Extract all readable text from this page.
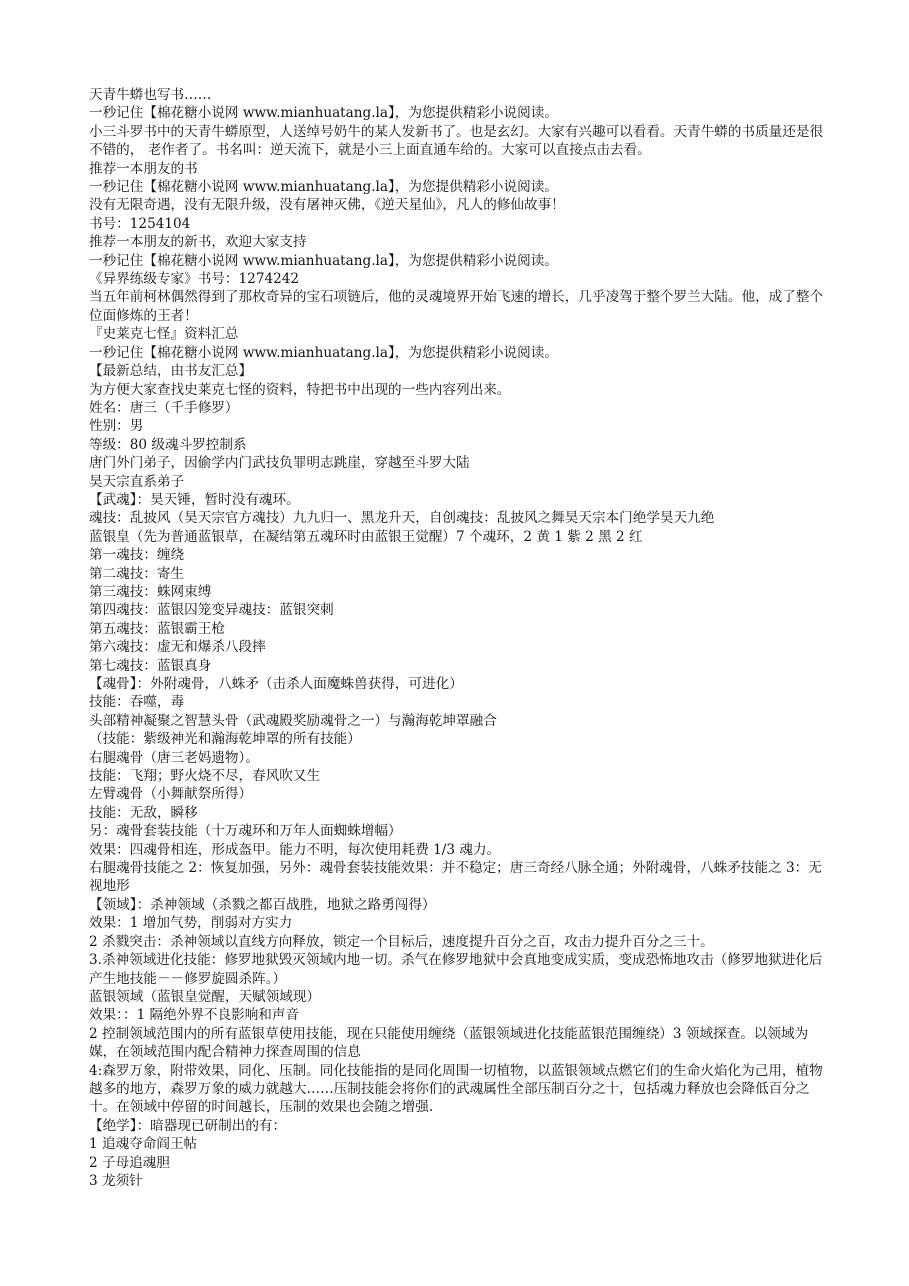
天青牛蟒也写书……
一秒记住【棉花糖小说网 www.mianhuatang.la】，为您提供精彩小说阅读。
小三斗罗书中的天青牛蟒原型，人送绰号奶牛的某人发新书了。也是玄幻。大家有兴趣可以看看。天青牛蟒的书质量还是很不错的， 老作者了。书名叫：逆天流下，就是小三上面直通车给的。大家可以直接点击去看。
推荐一本朋友的书
一秒记住【棉花糖小说网 www.mianhuatang.la】，为您提供精彩小说阅读。
没有无限奇遇，没有无限升级，没有屠神灭佛，《逆天星仙》，凡人的修仙故事！
书号：1254104
推荐一本朋友的新书，欢迎大家支持
一秒记住【棉花糖小说网 www.mianhuatang.la】，为您提供精彩小说阅读。
《异界练级专家》书号：1274242
当五年前柯林偶然得到了那枚奇异的宝石项链后，他的灵魂境界开始飞速的增长，几乎凌驾于整个罗兰大陆。他，成了整个位面修炼的王者！
『史莱克七怪』资料汇总
一秒记住【棉花糖小说网 www.mianhuatang.la】，为您提供精彩小说阅读。
【最新总结，由书友汇总】
为方便大家查找史莱克七怪的资料，特把书中出现的一些内容列出来。
姓名：唐三（千手修罗）
性别：男
等级：80 级魂斗罗控制系
唐门外门弟子，因偷学内门武技负罪明志跳崖，穿越至斗罗大陆
昊天宗直系弟子
【武魂】：昊天锤，暂时没有魂环。
魂技：乱披风（昊天宗官方魂技）九九归一、黑龙升天，自创魂技：乱披风之舞昊天宗本门绝学昊天九绝
蓝银皇（先为普通蓝银草，在凝结第五魂环时由蓝银王觉醒）7 个魂环，2 黄 1 紫 2 黑 2 红
第一魂技：缠绕
第二魂技：寄生
第三魂技：蛛网束缚
第四魂技：蓝银囚笼变异魂技：蓝银突刺
第五魂技：蓝银霸王枪
第六魂技：虚无和爆杀八段摔
第七魂技：蓝银真身
【魂骨】：外附魂骨，八蛛矛（击杀人面魔蛛兽获得，可进化）
技能：吞噬，毒
头部精神凝聚之智慧头骨（武魂殿奖励魂骨之一）与瀚海乾坤罩融合
（技能：紫级神光和瀚海乾坤罩的所有技能）
右腿魂骨（唐三老妈遗物）。
技能：飞翔；野火烧不尽，春风吹又生
左臂魂骨（小舞献祭所得）
技能：无敌，瞬移
另：魂骨套装技能（十万魂环和万年人面蜘蛛增幅）
效果：四魂骨相连，形成盔甲。能力不明，每次使用耗费 1/3 魂力。
右腿魂骨技能之 2：恢复加强，另外：魂骨套装技能效果：并不稳定；唐三奇经八脉全通；外附魂骨，八蛛矛技能之 3：无视地形
【领域】：杀神领域（杀戮之都百战胜，地狱之路勇闯得）
效果：1 增加气势，削弱对方实力
2 杀戮突击：杀神领域以直线方向释放，锁定一个目标后，速度提升百分之百，攻击力提升百分之三十。
3.杀神领域进化技能：修罗地狱毁灭领域内地一切。杀气在修罗地狱中会真地变成实质，变成恐怖地攻击（修罗地狱进化后产生地技能－－修罗旋圆杀阵。）
蓝银领域（蓝银皇觉醒，天赋领域现）
效果：：1 隔绝外界不良影响和声音
2 控制领域范围内的所有蓝银草使用技能，现在只能使用缠绕（蓝银领域进化技能蓝银范围缠绕）3 领域探查。以领域为媒，在领域范围内配合精神力探查周围的信息
4:森罗万象，附带效果，同化、压制。同化技能指的是同化周围一切植物，以蓝银领域点燃它们的生命火焰化为己用，植物越多的地方，森罗万象的威力就越大……压制技能会将你们的武魂属性全部压制百分之十，包括魂力释放也会降低百分之十。在领域中停留的时间越长，压制的效果也会随之增强.
【绝学】：暗器现已研制出的有：
1 追魂夺命阎王帖
2 子母追魂胆
3 龙须针
